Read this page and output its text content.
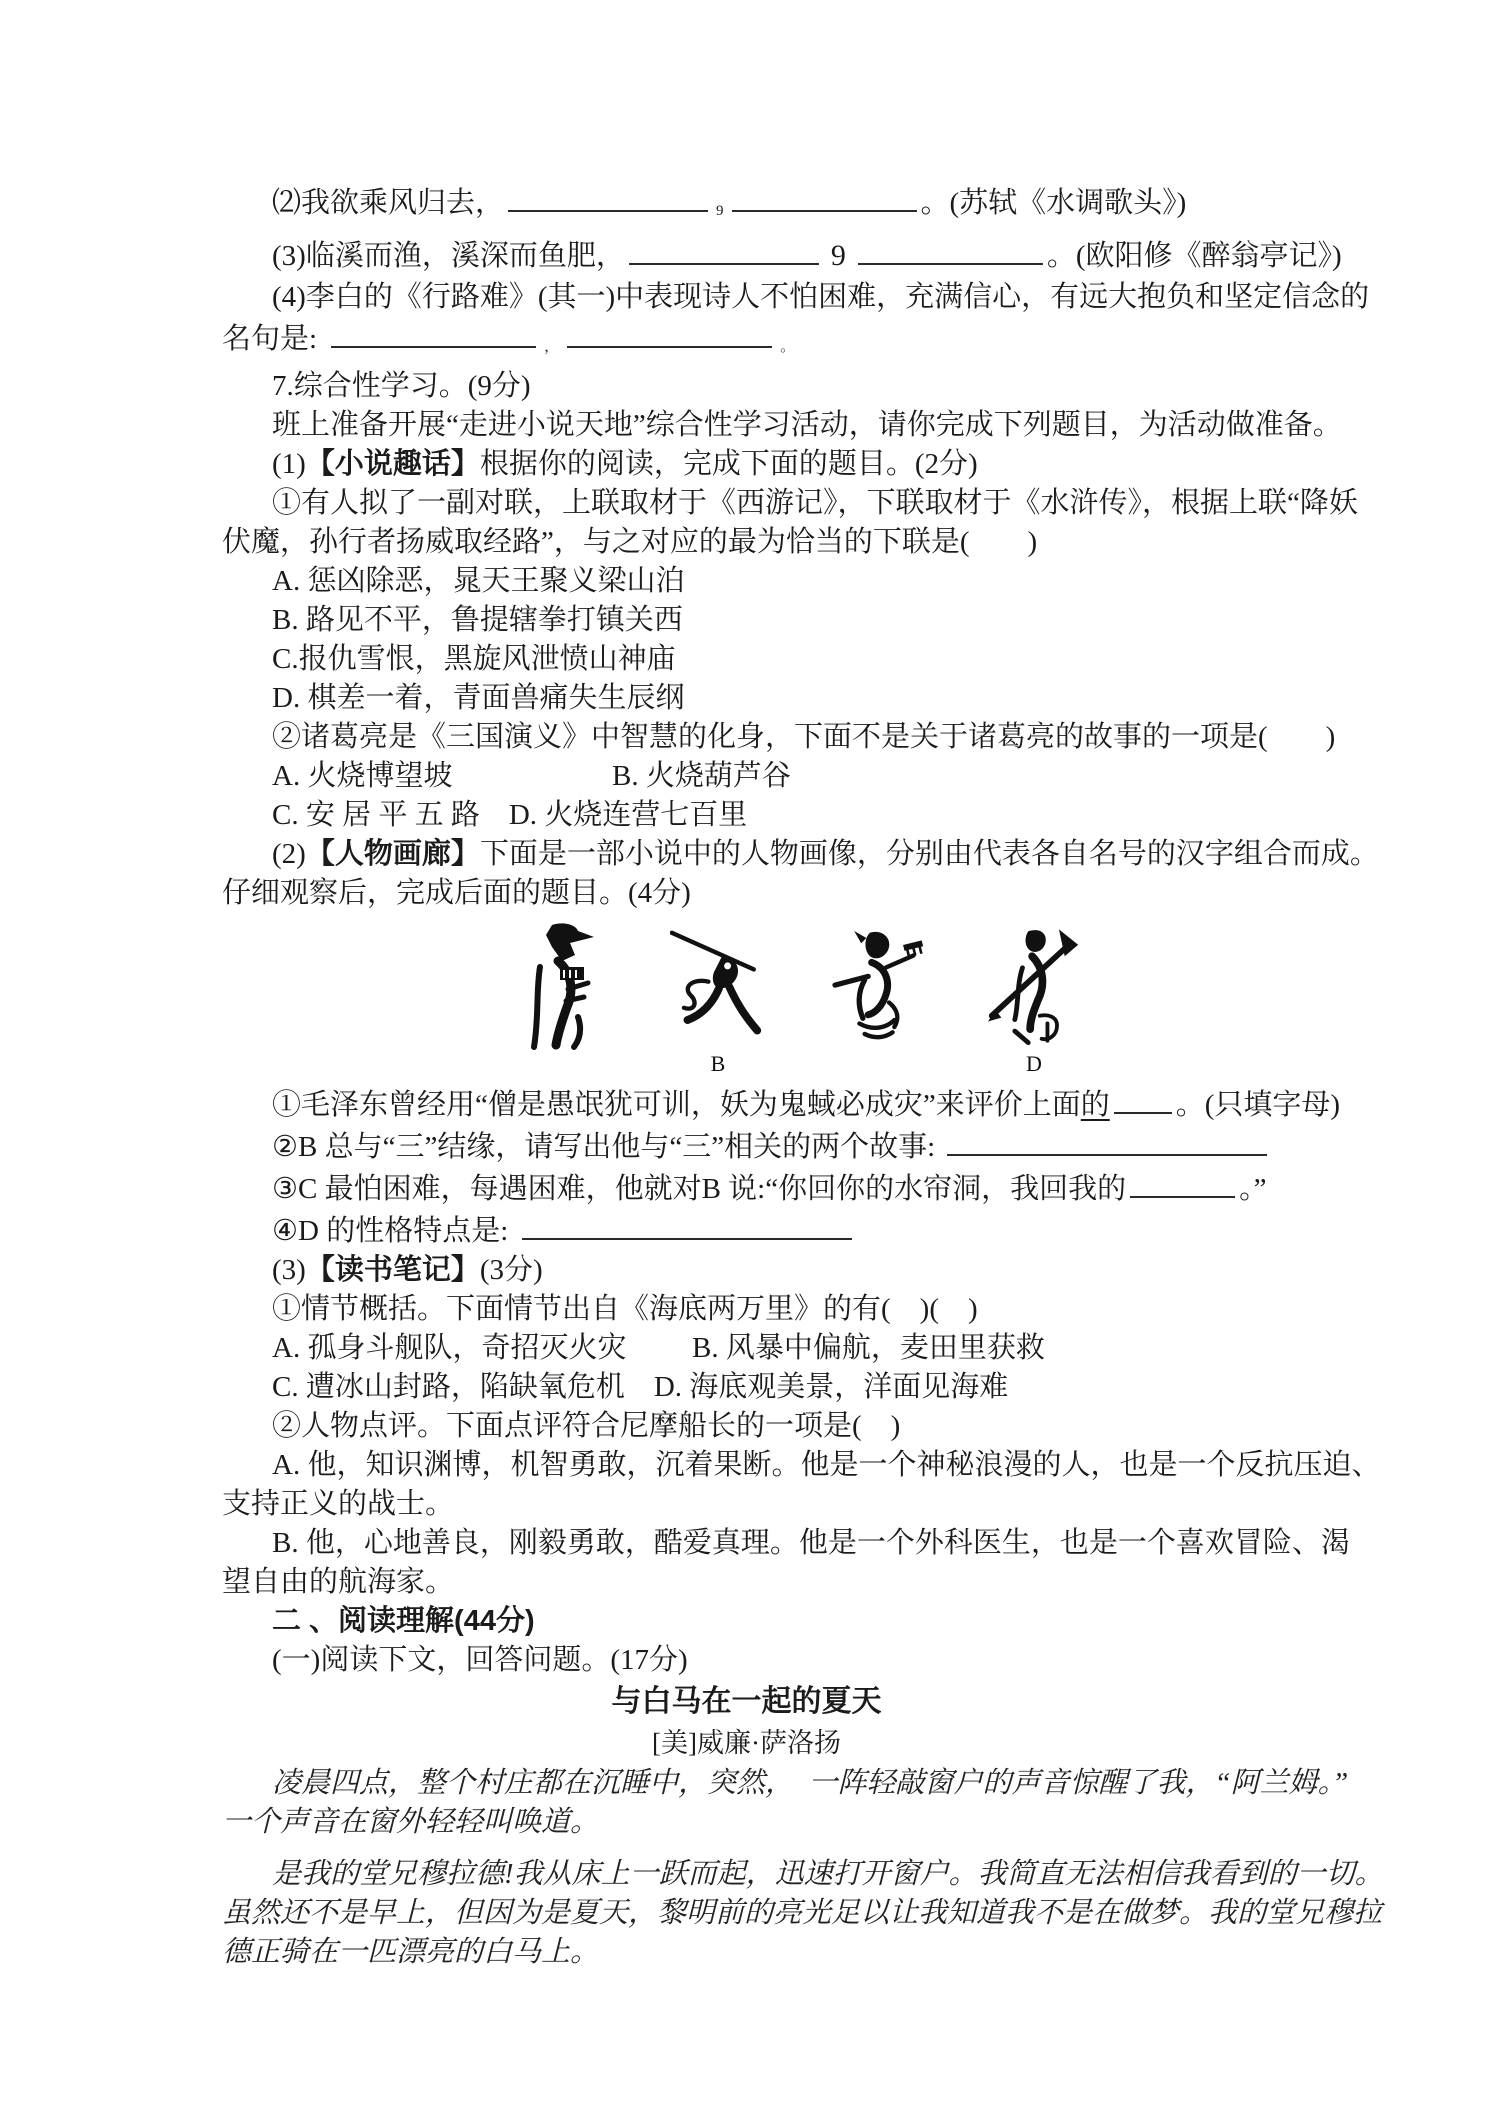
⑵我欲乘风归去，	9	。(苏轼《水调歌头》)
(3)临溪而渔，溪深而鱼肥，	9	。(欧阳修《醉翁亭记》)
(4)李白的《行路难》(其一)中表现诗人不怕困难，充满信心，有远大抱负和坚定信念的
名句是:	，	。
7.综合性学习。(9分)
班上准备开展“走进小说天地”综合性学习活动，请你完成下列题目，为活动做准备。
(1)【小说趣话】根据你的阅读，完成下面的题目。(2分)
①有人拟了一副对联，上联取材于《西游记》，下联取材于《水浒传》，根据上联“降妖
伏魔，孙行者扬威取经路”，与之对应的最为恰当的下联是(　　)
A. 惩凶除恶，晁天王聚义梁山泊
B. 路见不平，鲁提辖拳打镇关西
C.报仇雪恨，黑旋风泄愤山神庙
D. 棋差一着，青面兽痛失生辰纲
②诸葛亮是《三国演义》中智慧的化身，下面不是关于诸葛亮的故事的一项是(　　)
A. 火烧博望坡	B. 火烧葫芦谷
C. 安 居 平 五 路　D. 火烧连营七百里
(2)【人物画廊】下面是一部小说中的人物画像，分别由代表各自名号的汉字组合而成。
仔细观察后，完成后面的题目。(4分)
B	D
①毛泽东曾经用“僧是愚氓犹可训，妖为鬼蜮必成灾”来评价上面的 。(只填字母)
②B 总与“三”结缘，请写出他与“三”相关的两个故事:
③C 最怕困难，每遇困难，他就对B 说:“你回你的水帘洞，我回我的	。”
④D 的性格特点是:
(3)【读书笔记】(3分)
①情节概括。下面情节出自《海底两万里》的有(　)(　)
A. 孤身斗舰队，奇招灭火灾 B. 风暴中偏航，麦田里获救
C. 遭冰山封路，陷缺氧危机　D. 海底观美景，洋面见海难
②人物点评。下面点评符合尼摩船长的一项是(　)
A. 他，知识渊博，机智勇敢，沉着果断。他是一个神秘浪漫的人，也是一个反抗压迫、
支持正义的战士。
B. 他，心地善良，刚毅勇敢，酷爱真理。他是一个外科医生，也是一个喜欢冒险、渴
望自由的航海家。
二 、阅读理解(44分)
(一)阅读下文，回答问题。(17分)
与白马在一起的夏天
[美]威廉·萨洛扬
凌晨四点，整个村庄都在沉睡中，突然，　一阵轻敲窗户的声音惊醒了我，“阿兰姆。”
一个声音在窗外轻轻叫唤道。
是我的堂兄穆拉德!我从床上一跃而起，迅速打开窗户。我简直无法相信我看到的一切。
虽然还不是早上，但因为是夏天，黎明前的亮光足以让我知道我不是在做梦。我的堂兄穆拉
德正骑在一匹漂亮的白马上。
